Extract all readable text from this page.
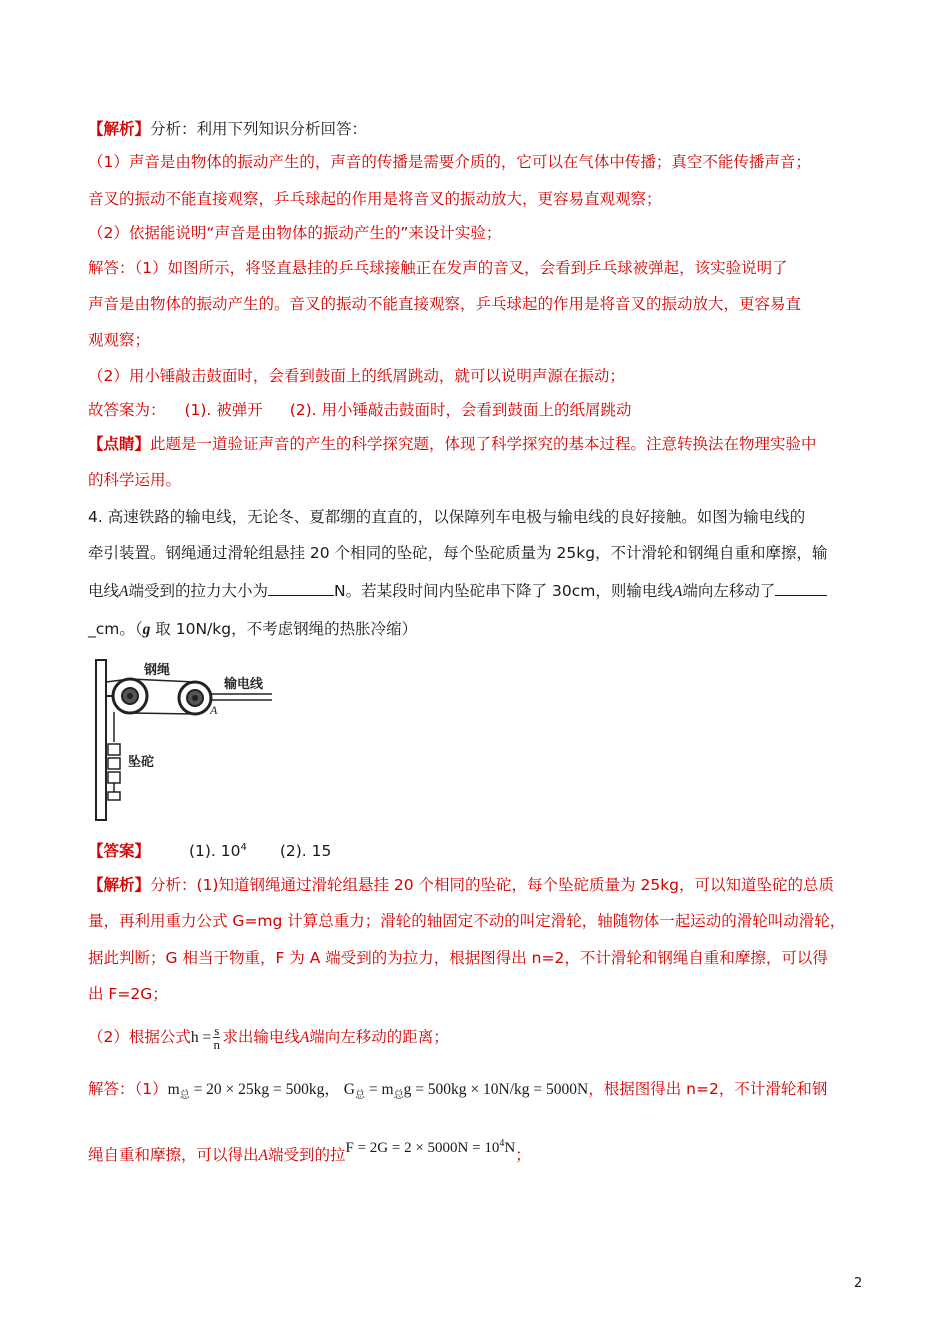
【解析】分析：利用下列知识分析回答：
（1）声音是由物体的振动产生的，声音的传播是需要介质的，它可以在气体中传播；真空不能传播声音；
音叉的振动不能直接观察，乒乓球起的作用是将音叉的振动放大，更容易直观观察；
（2）依据能说明“声音是由物体的振动产生的”来设计实验；
解答：（1）如图所示，将竖直悬挂的乒乓球接触正在发声的音叉，会看到乒乓球被弹起，该实验说明了
声音是由物体的振动产生的。音叉的振动不能直接观察，乒乓球起的作用是将音叉的振动放大，更容易直
观观察；
（2）用小锤敲击鼓面时，会看到鼓面上的纸屑跳动，就可以说明声源在振动；
故答案为： (1). 被弹开 (2). 用小锤敲击鼓面时，会看到鼓面上的纸屑跳动
【点睛】此题是一道验证声音的产生的科学探究题，体现了科学探究的基本过程。注意转换法在物理实验中
的科学运用。
4. 高速铁路的输电线，无论冬、夏都绷的直直的，以保障列车电极与输电线的良好接触。如图为输电线的
牵引装置。钢绳通过滑轮组悬挂 20 个相同的坠砣，每个坠砣质量为 25kg，不计滑轮和钢绳自重和摩擦，输
电线A端受到的拉力大小为	N。若某段时间内坠砣串下降了 30cm，则输电线A端向左移动了
_cm。（g 取 10N/kg，不考虑钢绳的热胀冷缩）
钢绳
输电线
A
坠砣
【答案】	(1). $10^4$ (2). 15
【解析】分析：(1)知道钢绳通过滑轮组悬挂 20 个相同的坠砣，每个坠砣质量为 25kg，可以知道坠砣的总质
量，再利用重力公式 G=mg 计算总重力；滑轮的轴固定不动的叫定滑轮，轴随物体一起运动的滑轮叫动滑轮，
据此判断；G 相当于物重，F 为 A 端受到的为拉力，根据图得出 n=2，不计滑轮和钢绳自重和摩擦，可以得
出 F=2G；
（2）根据公式$h = \frac{s}{n}$ 求出输电线A端向左移动的距离；
解答：$(1)m_总 = 20 \times 25kg = 500kg$， $G_总 = m_总g = 500kg \times 10N/kg = 5000N$，根据图得出 n=2，不计滑轮和钢
绳自重和摩擦，可以得出A端受到的拉$F = 2G = 2 \times 5000N = 10^4N$；
2
